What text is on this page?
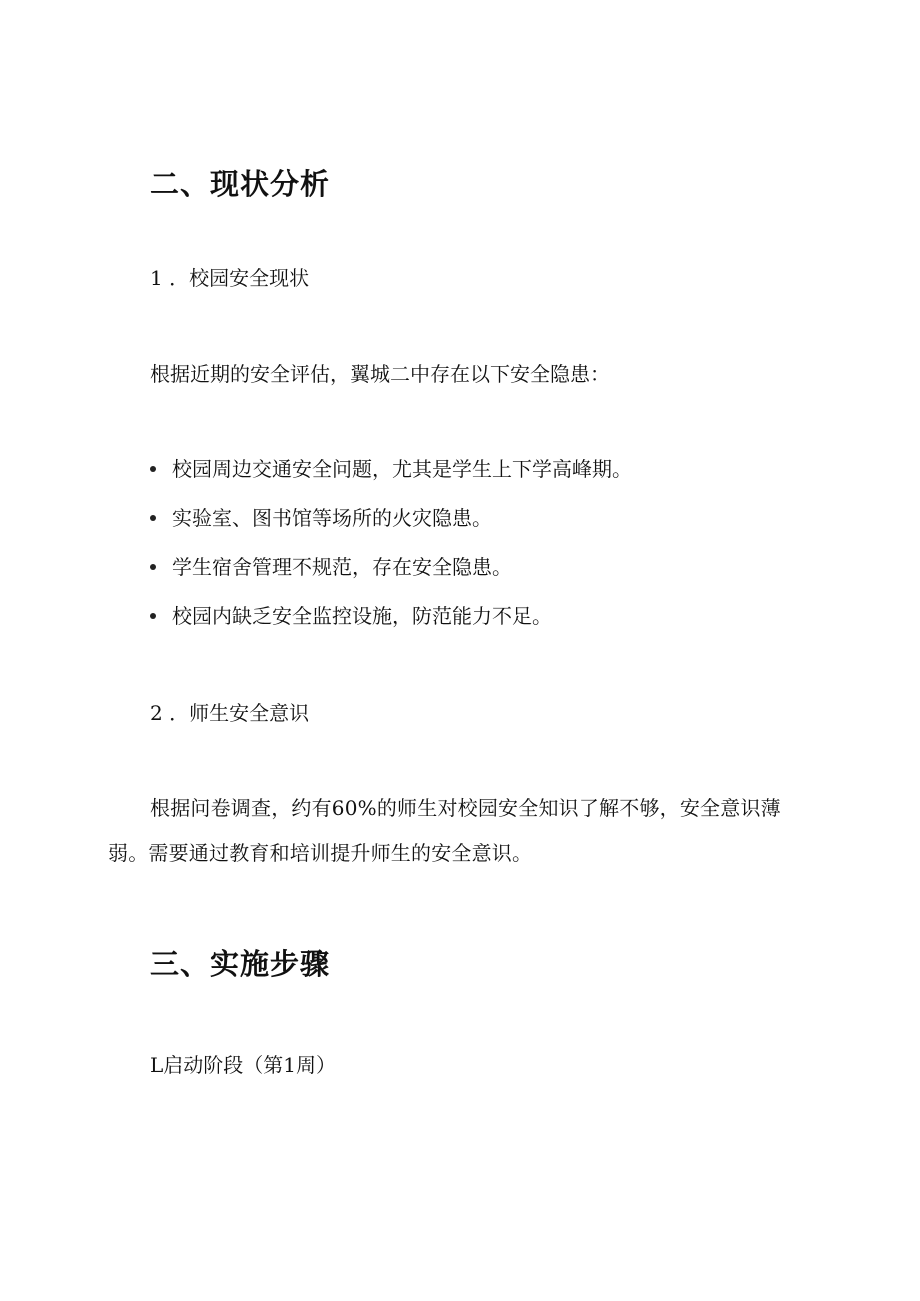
二、现状分析
1 ．校园安全现状
根据近期的安全评估，翼城二中存在以下安全隐患：
校园周边交通安全问题，尤其是学生上下学高峰期。
实验室、图书馆等场所的火灾隐患。
学生宿舍管理不规范，存在安全隐患。
校园内缺乏安全监控设施，防范能力不足。
2 ．师生安全意识
根据问卷调查，约有60%的师生对校园安全知识了解不够，安全意识薄弱。需要通过教育和培训提升师生的安全意识。
三、实施步骤
L启动阶段（第1周）
